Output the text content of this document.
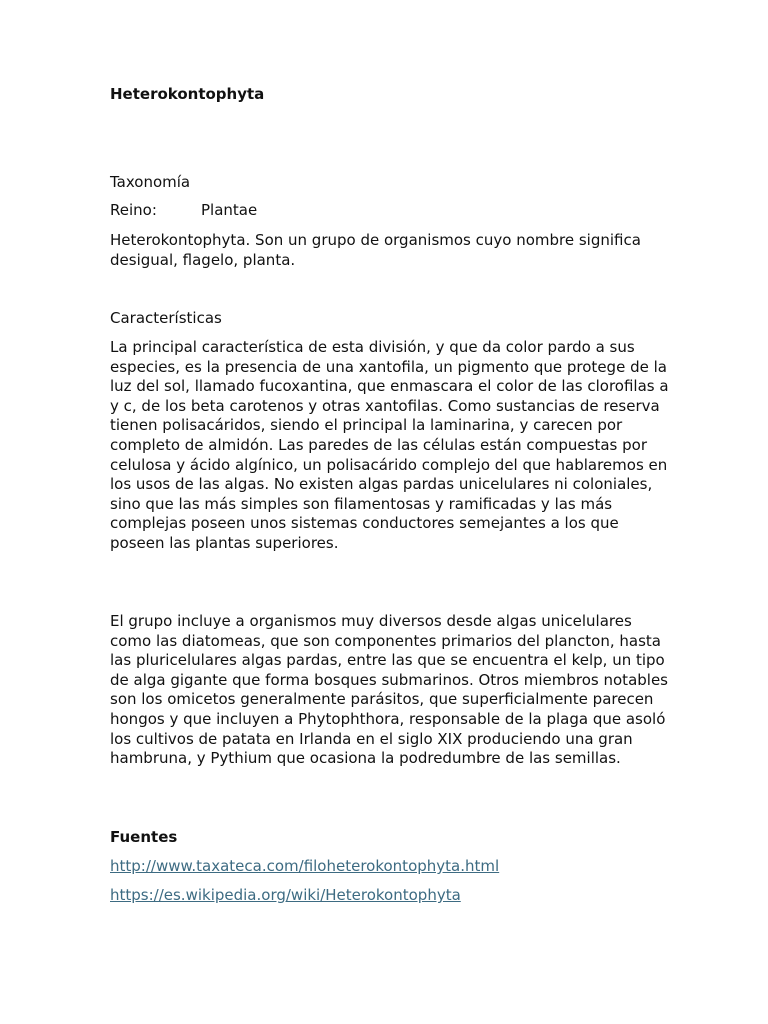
Heterokontophyta

Taxonomía

Reino:	Plantae

Heterokontophyta. Son un grupo de organismos cuyo nombre significa desigual, flagelo, planta.

Características

La principal característica de esta división, y que da color pardo a sus especies, es la presencia de una xantofila, un pigmento que protege de la luz del sol, llamado fucoxantina, que enmascara el color de las clorofilas a y c, de los beta carotenos y otras xantofilas. Como sustancias de reserva tienen polisacáridos, siendo el principal la laminarina, y carecen por completo de almidón. Las paredes de las células están compuestas por celulosa y ácido algínico, un polisacárido complejo del que hablaremos en los usos de las algas. No existen algas pardas unicelulares ni coloniales, sino que las más simples son filamentosas y ramificadas y las más complejas poseen unos sistemas conductores semejantes a los que poseen las plantas superiores.

El grupo incluye a organismos muy diversos desde algas unicelulares como las diatomeas, que son componentes primarios del plancton, hasta las pluricelulares algas pardas, entre las que se encuentra el kelp, un tipo de alga gigante que forma bosques submarinos. Otros miembros notables son los omicetos generalmente parásitos, que superficialmente parecen hongos y que incluyen a Phytophthora, responsable de la plaga que asoló los cultivos de patata en Irlanda en el siglo XIX produciendo una gran hambruna, y Pythium que ocasiona la podredumbre de las semillas.

Fuentes

http://www.taxateca.com/filoheterokontophyta.html

https://es.wikipedia.org/wiki/Heterokontophyta
